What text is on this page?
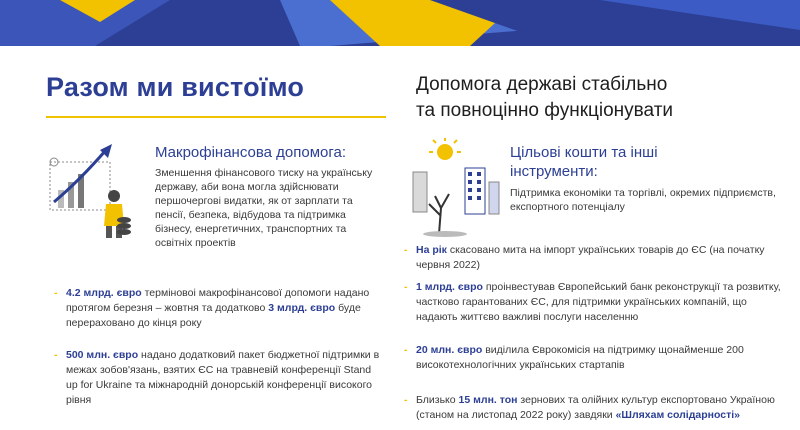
Разом ми вистоїмо	Допомога державі стабільно
та повноцінно функціонувати
Макрофінансова допомога:
Зменшення фінансового тиску на українську державу, аби вона могла здійснювати першочергові видатки, як от зарплати та пенсії, безпека, відбудова та підтримка бізнесу, енергетичних, транспортних та освітніх проектів
- 4.2 млрд. євро терміновоі макрофінансової допомоги надано протягом березня – жовтня та додатково 3 млрд. євро буде перераховано до кінця року
- 500 млн. євро надано додатковий пакет бюджетної підтримки в межах зобов'язань, взятих ЄС на травневій конференції Stand up for Ukraine та міжнародній донорській конференції високого рівня
Цільові кошти та інші
інструменти:
Підтримка економіки та торгівлі, окремих підприємств, експортного потенціалу
- На рік скасовано мита на імпорт українських товарів до ЄС (на початку червня 2022)
- 1 млрд. євро проінвестував Європейський банк реконструкції та розвитку, частково гарантованих ЄС, для підтримки українських компаній, що надають життєво важливі послуги населенню
- 20 млн. євро виділила Єврокомісія на підтримку щонайменше 200 високотехнологічних українських стартапів
- Близько 15 млн. тон зернових та олійних культур експортовано Україною (станом на листопад 2022 року) завдяки «Шляхам солідарності»
